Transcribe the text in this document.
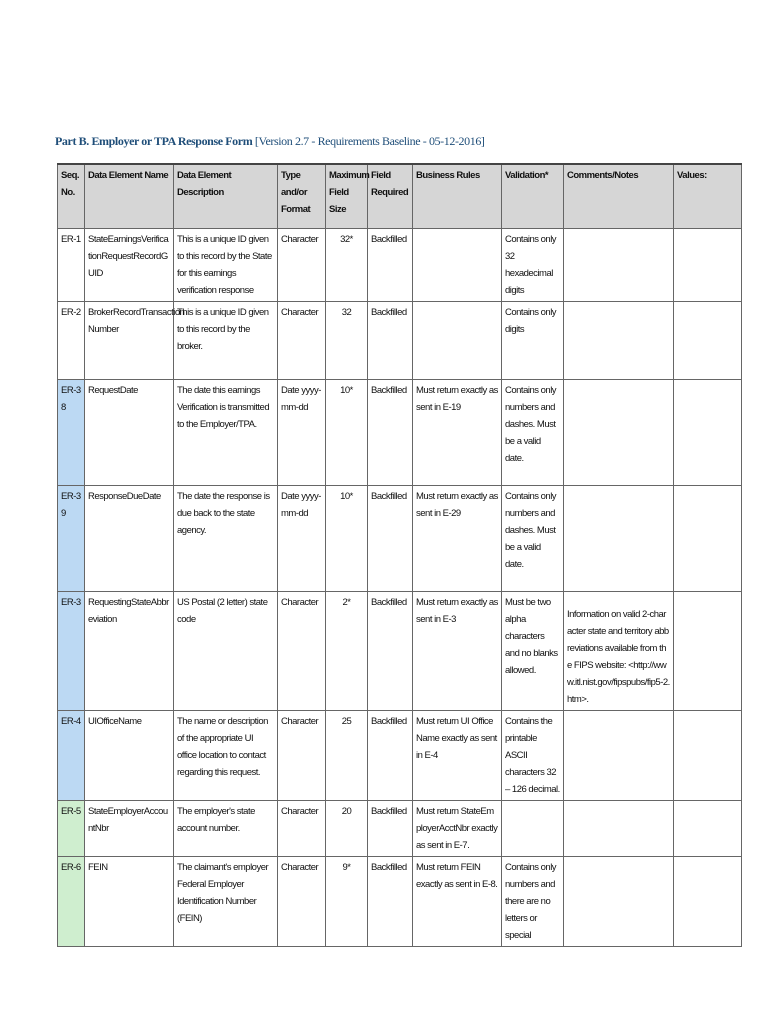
Part B. Employer or TPA Response Form [Version 2.7 - Requirements Baseline - 05-12-2016]
Seq. No.	Data Element Name	Data Element Description	Type and/or Format	Maximum Field Size	Field Required	Business Rules	Validation*	Comments/Notes	Values:
ER-1	StateEarningsVerificationRequestRecordGUID	This is a unique ID given to this record by the State for this earnings verification response	Character	32*	Backfilled		Contains only 32 hexadecimal digits		
ER-2	BrokerRecordTransaction Number	This is a unique ID given to this record by the broker.	Character	32	Backfilled		Contains only digits		
ER-38	RequestDate	The date this earnings Verification is transmitted to the Employer/TPA.	Date yyyy-mm-dd	10*	Backfilled	Must return exactly as sent in E-19	Contains only numbers and dashes. Must be a valid date.		
ER-39	ResponseDueDate	The date the response is due back to the state agency.	Date yyyy-mm-dd	10*	Backfilled	Must return exactly as sent in E-29	Contains only numbers and dashes. Must be a valid date.		
ER-3	RequestingStateAbbreviation	US Postal (2 letter) state code	Character	2*	Backfilled	Must return exactly as sent in E-3	Must be two alpha characters and no blanks allowed.	Information on valid 2-character state and territory abbreviations available from the FIPS website: <http://www.itl.nist.gov/fipspubs/fip5-2.htm>.	
ER-4	UIOfficeName	The name or description of the appropriate UI office location to contact regarding this request.	Character	25	Backfilled	Must return UI Office Name exactly as sent in E-4	Contains the printable ASCII characters 32 – 126 decimal.		
ER-5	StateEmployerAccountNbr	The employer's state account number.	Character	20	Backfilled	Must return StateEmployerAcctNbr exactly as sent in E-7.			
ER-6	FEIN	The claimant's employer Federal Employer Identification Number (FEIN)	Character	9*	Backfilled	Must return FEIN exactly as sent in E-8.	Contains only numbers and there are no letters or special		
